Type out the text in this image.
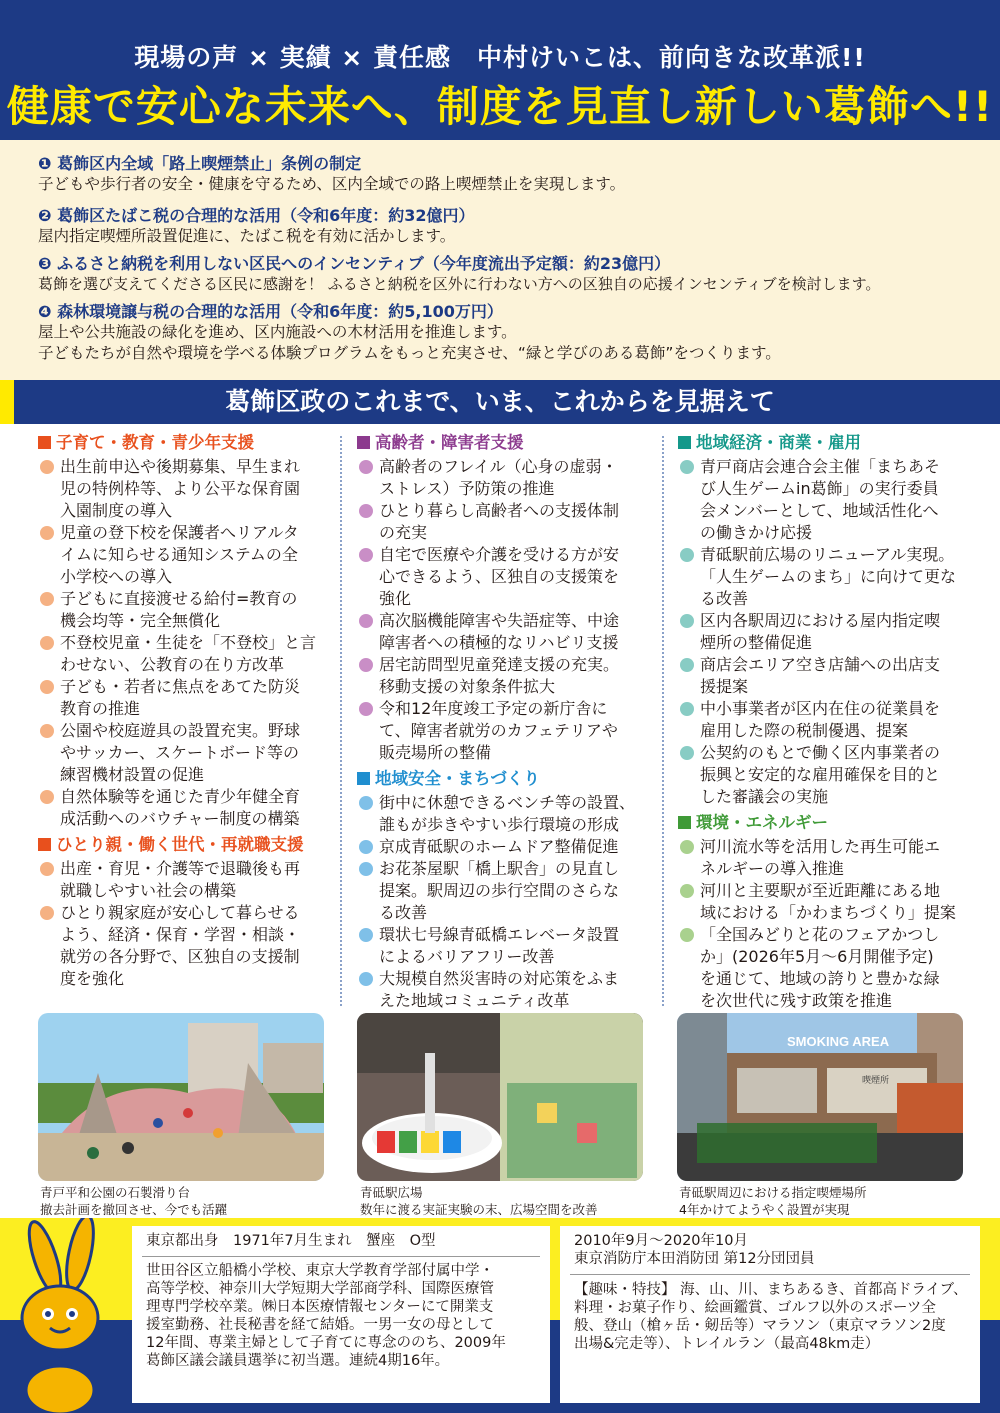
現場の声 × 実績 × 責任感　中村けいこは、前向きな改革派!!
健康で安心な未来へ、制度を見直し新しい葛飾へ!!
❶ 葛飾区内全域「路上喫煙禁止」条例の制定
子どもや歩行者の安全・健康を守るため、区内全域での路上喫煙禁止を実現します。
❷ 葛飾区たばこ税の合理的な活用（令和6年度：約32億円）
屋内指定喫煙所設置促進に、たばこ税を有効に活かします。
❸ ふるさと納税を利用しない区民へのインセンティブ（今年度流出予定額：約23億円）
葛飾を選び支えてくださる区民に感謝を！ ふるさと納税を区外に行わない方への区独自の応援インセンティブを検討します。
❹ 森林環境譲与税の合理的な活用（令和6年度：約5,100万円）
屋上や公共施設の緑化を進め、区内施設への木材活用を推進します。
子どもたちが自然や環境を学べる体験プログラムをもっと充実させ、“緑と学びのある葛飾”をつくります。
葛飾区政のこれまで、いま、これからを見据えて
子育て・教育・青少年支援
出生前申込や後期募集、早生まれ
児の特例枠等、より公平な保育園
入園制度の導入
児童の登下校を保護者へリアルタ
イムに知らせる通知システムの全
小学校への導入
子どもに直接渡せる給付=教育の
機会均等・完全無償化
不登校児童・生徒を「不登校」と言
わせない、公教育の在り方改革
子ども・若者に焦点をあてた防災
教育の推進
公園や校庭遊具の設置充実。野球
やサッカー、スケートボード等の
練習機材設置の促進
自然体験等を通じた青少年健全育
成活動へのバウチャー制度の構築
ひとり親・働く世代・再就職支援
出産・育児・介護等で退職後も再
就職しやすい社会の構築
ひとり親家庭が安心して暮らせる
よう、経済・保育・学習・相談・
就労の各分野で、区独自の支援制
度を強化
高齢者・障害者支援
高齢者のフレイル（心身の虚弱・
ストレス）予防策の推進
ひとり暮らし高齢者への支援体制
の充実
自宅で医療や介護を受ける方が安
心できるよう、区独自の支援策を
強化
高次脳機能障害や失語症等、中途
障害者への積極的なリハビリ支援
居宅訪問型児童発達支援の充実。
移動支援の対象条件拡大
令和12年度竣工予定の新庁舎に
て、障害者就労のカフェテリアや
販売場所の整備
地域安全・まちづくり
街中に休憩できるベンチ等の設置、
誰もが歩きやすい歩行環境の形成
京成青砥駅のホームドア整備促進
お花茶屋駅「橋上駅舎」の見直し
提案。駅周辺の歩行空間のさらな
る改善
環状七号線青砥橋エレベータ設置
によるバリアフリー改善
大規模自然災害時の対応策をふま
えた地域コミュニティ改革
地域経済・商業・雇用
青戸商店会連合会主催「まちあそ
び人生ゲームin葛飾」の実行委員
会メンバーとして、地域活性化へ
の働きかけ応援
青砥駅前広場のリニューアル実現。
「人生ゲームのまち」に向けて更な
る改善
区内各駅周辺における屋内指定喫
煙所の整備促進
商店会エリア空き店舗への出店支
援提案
中小事業者が区内在住の従業員を
雇用した際の税制優遇、提案
公契約のもとで働く区内事業者の
振興と安定的な雇用確保を目的と
した審議会の実施
環境・エネルギー
河川流水等を活用した再生可能エ
ネルギーの導入推進
河川と主要駅が至近距離にある地
域における「かわまちづくり」提案
「全国みどりと花のフェアかつし
か」(2026年5月～6月開催予定)
を通じて、地域の誇りと豊かな緑
を次世代に残す政策を推進
SMOKING AREA
喫煙所
青戸平和公園の石製滑り台
撤去計画を撤回させ、今でも活躍
青砥駅広場
数年に渡る実証実験の末、広場空間を改善
青砥駅周辺における指定喫煙場所
4年かけてようやく設置が実現
東京都出身　1971年7月生まれ　蟹座　O型
世田谷区立船橋小学校、東京大学教育学部付属中学・
高等学校、神奈川大学短期大学部商学科、国際医療管
理専門学校卒業。㈱日本医療情報センターにて開業支
援室勤務、社長秘書を経て結婚。一男一女の母として
12年間、専業主婦として子育てに専念ののち、2009年
葛飾区議会議員選挙に初当選。連続4期16年。
2010年9月～2020年10月
東京消防庁本田消防団 第12分団団員
【趣味・特技】 海、山、川、まちあるき、首都高ドライブ、
料理・お菓子作り、絵画鑑賞、ゴルフ以外のスポーツ全
般、登山（槍ヶ岳・剱岳等）マラソン（東京マラソン2度
出場&完走等）、トレイルラン（最高48km走）
